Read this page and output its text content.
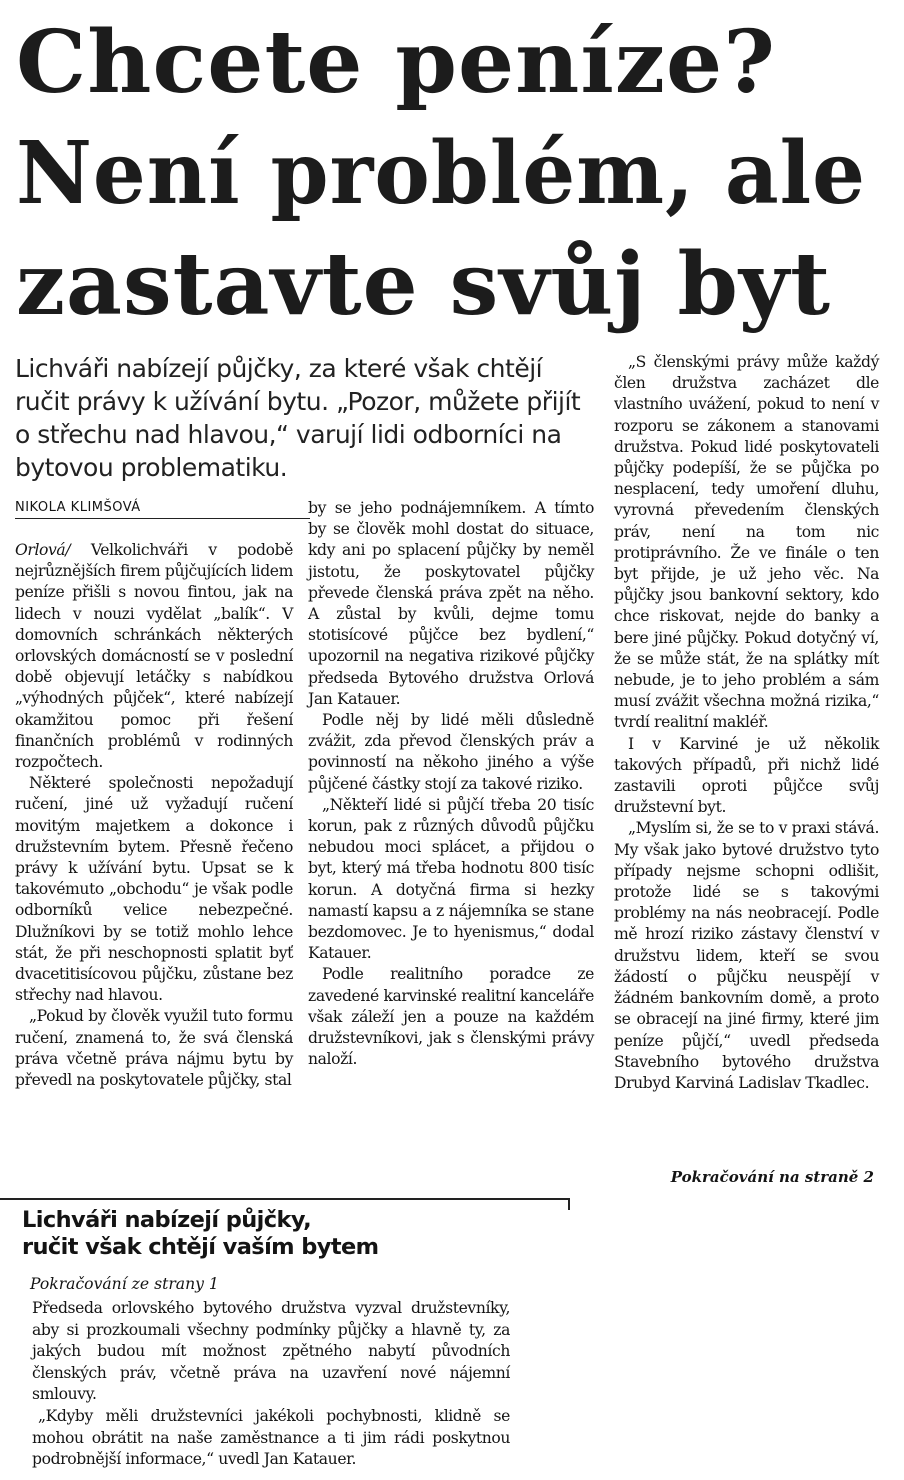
Chcete peníze?
Není problém, ale
zastavte svůj byt
Lichváři nabízejí půjčky, za které však chtějí ručit právy k užívání bytu. „Pozor, můžete přijít o střechu nad hlavou,“ varují lidi odborníci na bytovou problematiku.
NIKOLA KLIMŠOVÁ

Orlová/ Velkolichváři v podobě nejrůznějších firem půjčujících lidem peníze přišli s novou fintou, jak na lidech v nouzi vydělat „balík“. V domovních schránkách některých orlovských domácností se v poslední době objevují letáčky s nabídkou „výhodných půjček“, které nabízejí okamžitou pomoc při řešení finančních problémů v rodinných rozpočtech.

Některé společnosti nepožadují ručení, jiné už vyžadují ručení movitým majetkem a dokonce i družstevním bytem. Přesně řečeno právy k užívání bytu. Upsat se k takovémuto „obchodu“ je však podle odborníků velice nebezpečné. Dlužníkovi by se totiž mohlo lehce stát, že při neschopnosti splatit byť dvacetitisícovou půjčku, zůstane bez střechy nad hlavou.

„Pokud by člověk využil tuto formu ručení, znamená to, že svá členská práva včetně práva nájmu bytu by převedl na poskytovatele půjčky, stal

by se jeho podnájemníkem. A tímto by se člověk mohl dostat do situace, kdy ani po splacení půjčky by neměl jistotu, že poskytovatel půjčky převede členská práva zpět na něho. A zůstal by kvůli, dejme tomu stotisícové půjčce bez bydlení,“ upozornil na negativa rizikové půjčky předseda Bytového družstva Orlová Jan Katauer.

Podle něj by lidé měli důsledně zvážit, zda převod členských práv a povinností na někoho jiného a výše půjčené částky stojí za takové riziko.

„Někteří lidé si půjčí třeba 20 tisíc korun, pak z různých důvodů půjčku nebudou moci splácet, a přijdou o byt, který má třeba hodnotu 800 tisíc korun. A dotyčná firma si hezky namastí kapsu a z nájemníka se stane bezdomovec. Je to hyenismus,“ dodal Katauer.

Podle realitního poradce ze zavedené karvinské realitní kanceláře však záleží jen a pouze na každém družstevníkovi, jak s členskými právy naloží.

„S členskými právy může každý člen družstva zacházet dle vlastního uvážení, pokud to není v rozporu se zákonem a stanovami družstva. Pokud lidé poskytovateli půjčky podepíší, že se půjčka po nesplacení, tedy umoření dluhu, vyrovná převedením členských práv, není na tom nic protiprávního. Že ve finále o ten byt přijde, je už jeho věc. Na půjčky jsou bankovní sektory, kdo chce riskovat, nejde do banky a bere jiné půjčky. Pokud dotyčný ví, že se může stát, že na splátky mít nebude, je to jeho problém a sám musí zvážit všechna možná rizika,“ tvrdí realitní makléř.

I v Karviné je už několik takových případů, při nichž lidé zastavili oproti půjčce svůj družstevní byt.

„Myslím si, že se to v praxi stává. My však jako bytové družstvo tyto případy nejsme schopni odlišit, protože lidé se s takovými problémy na nás neobracejí. Podle mě hrozí riziko zástavy členství v družstvu lidem, kteří se svou žádostí o půjčku neuspějí v žádném bankovním domě, a proto se obracejí na jiné firmy, které jim peníze půjčí,“ uvedl předseda Stavebního bytového družstva Drubyd Karviná Ladislav Tkadlec.

Pokračování na straně 2
Lichváři nabízejí půjčky,
ručit však chtějí vaším bytem
Pokračování ze strany 1

Předseda orlovského bytového družstva vyzval družstevníky, aby si prozkoumali všechny podmínky půjčky a hlavně ty, za jakých budou mít možnost zpětného nabytí původních členských práv, včetně práva na uzavření nové nájemní smlouvy.

„Kdyby měli družstevníci jakékoli pochybnosti, klidně se mohou obrátit na naše zaměstnance a ti jim rádi poskytnou podrobnější informace,“ uvedl Jan Katauer.
